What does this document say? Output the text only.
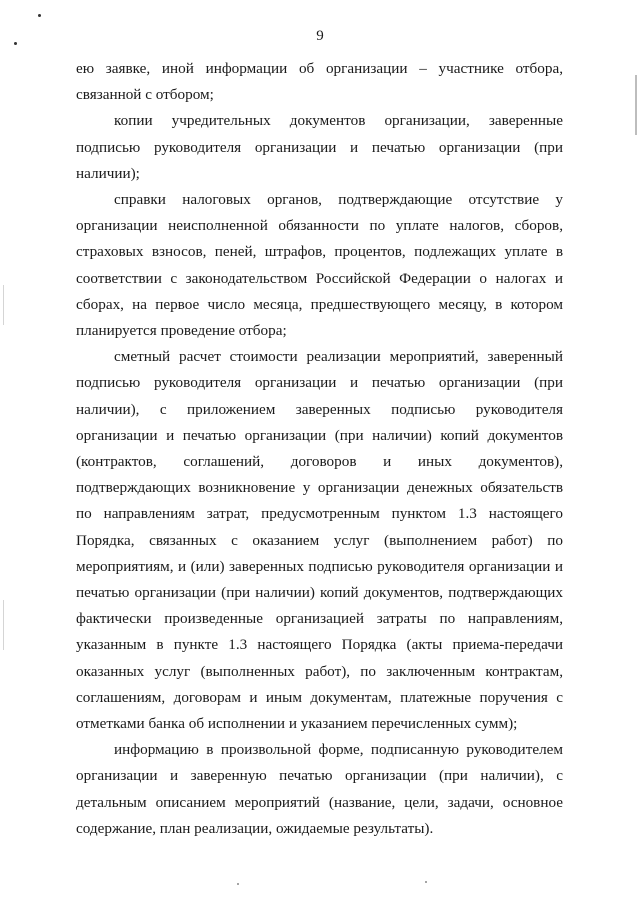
9

ею заявке, иной информации об организации – участнике отбора, связанной с отбором;

копии учредительных документов организации, заверенные подписью руководителя организации и печатью организации (при наличии);

справки налоговых органов, подтверждающие отсутствие у организации неисполненной обязанности по уплате налогов, сборов, страховых взносов, пеней, штрафов, процентов, подлежащих уплате в соответствии с законодательством Российской Федерации о налогах и сборах, на первое число месяца, предшествующего месяцу, в котором планируется проведение отбора;

сметный расчет стоимости реализации мероприятий, заверенный подписью руководителя организации и печатью организации (при наличии), с приложением заверенных подписью руководителя организации и печатью организации (при наличии) копий документов (контрактов, соглашений, договоров и иных документов), подтверждающих возникновение у организации денежных обязательств по направлениям затрат, предусмотренным пунктом 1.3 настоящего Порядка, связанных с оказанием услуг (выполнением работ) по мероприятиям, и (или) заверенных подписью руководителя организации и печатью организации (при наличии) копий документов, подтверждающих фактически произведенные организацией затраты по направлениям, указанным в пункте 1.3 настоящего Порядка (акты приема-передачи оказанных услуг (выполненных работ), по заключенным контрактам, соглашениям, договорам и иным документам, платежные поручения с отметками банка об исполнении и указанием перечисленных сумм);

информацию в произвольной форме, подписанную руководителем организации и заверенную печатью организации (при наличии), с детальным описанием мероприятий (название, цели, задачи, основное содержание, план реализации, ожидаемые результаты).
